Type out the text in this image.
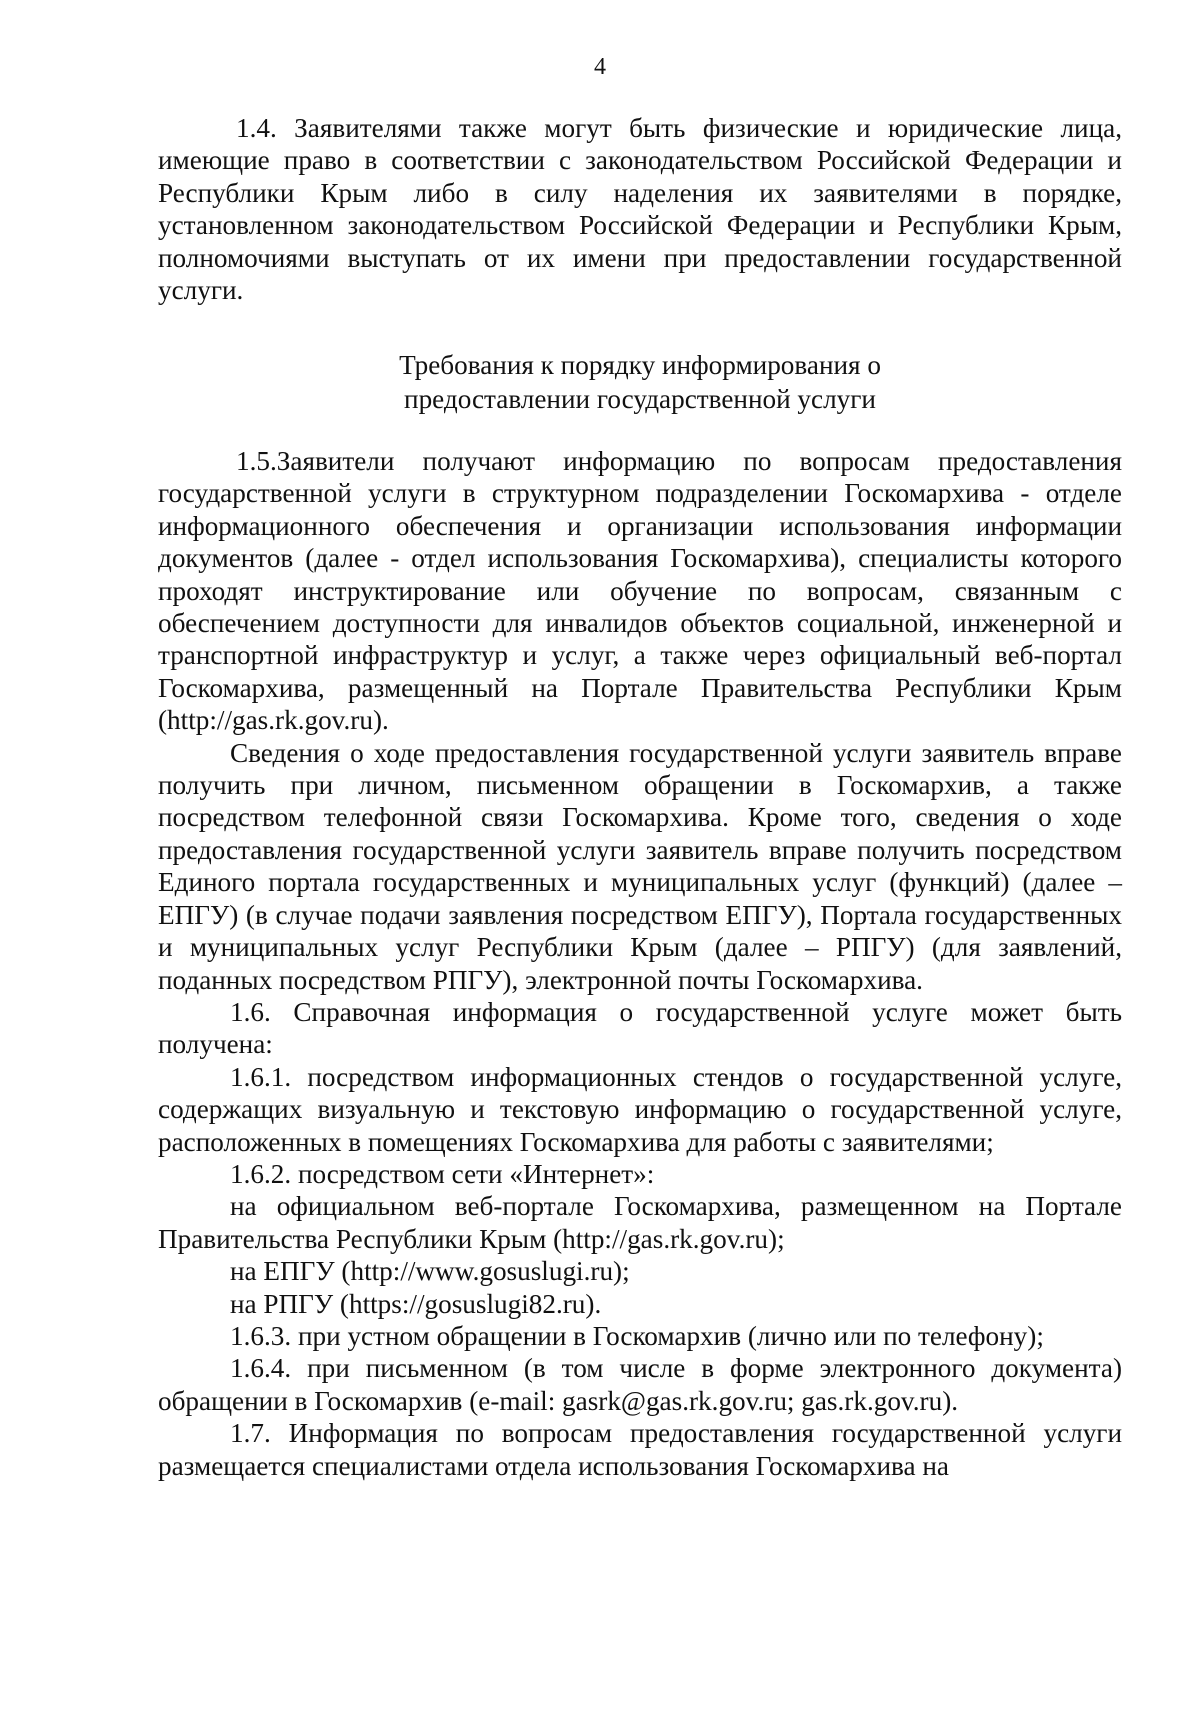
4

1.4. Заявителями также могут быть физические и юридические лица, имеющие право в соответствии с законодательством Российской Федерации и Республики Крым либо в силу наделения их заявителями в порядке, установленном законодательством Российской Федерации и Республики Крым, полномочиями выступать от их имени при предоставлении государственной услуги.

Требования к порядку информирования о
предоставлении государственной услуги

1.5.Заявители получают информацию по вопросам предоставления государственной услуги в структурном подразделении Госкомархива - отделе информационного обеспечения и организации использования информации документов (далее - отдел использования Госкомархива), специалисты которого проходят инструктирование или обучение по вопросам, связанным с обеспечением доступности для инвалидов объектов социальной, инженерной и транспортной инфраструктур и услуг, а также через официальный веб-портал Госкомархива, размещенный на Портале Правительства Республики Крым (http://gas.rk.gov.ru).

Сведения о ходе предоставления государственной услуги заявитель вправе получить при личном, письменном обращении в Госкомархив, а также посредством телефонной связи Госкомархива. Кроме того, сведения о ходе предоставления государственной услуги заявитель вправе получить посредством Единого портала государственных и муниципальных услуг (функций) (далее – ЕПГУ) (в случае подачи заявления посредством ЕПГУ), Портала государственных и муниципальных услуг Республики Крым (далее – РПГУ) (для заявлений, поданных посредством РПГУ), электронной почты Госкомархива.

1.6. Справочная информация о государственной услуге может быть получена:

1.6.1. посредством информационных стендов о государственной услуге, содержащих визуальную и текстовую информацию о государственной услуге, расположенных в помещениях Госкомархива для работы с заявителями;

1.6.2. посредством сети «Интернет»:

на официальном веб-портале Госкомархива, размещенном на Портале Правительства Республики Крым (http://gas.rk.gov.ru);

на ЕПГУ (http://www.gosuslugi.ru);

на РПГУ (https://gosuslugi82.ru).

1.6.3. при устном обращении в Госкомархив (лично или по телефону);

1.6.4. при письменном (в том числе в форме электронного документа) обращении в Госкомархив (e-mail: gasrk@gas.rk.gov.ru; gas.rk.gov.ru).

1.7. Информация по вопросам предоставления государственной услуги размещается специалистами отдела использования Госкомархива на
